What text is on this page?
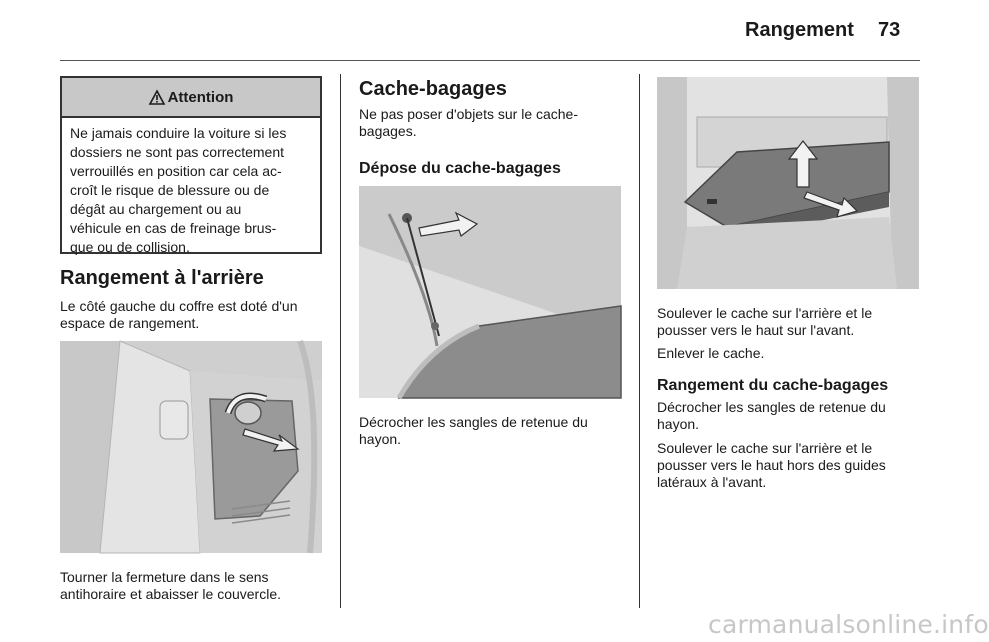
Rangement 73
Attention
Ne jamais conduire la voiture si les
dossiers ne sont pas correctement
verrouillés en position car cela ac-
croît le risque de blessure ou de
dégât au chargement ou au
véhicule en cas de freinage brus-
que ou de collision.
Rangement à l'arrière
Le côté gauche du coffre est doté d'un
espace de rangement.
Tourner la fermeture dans le sens
antihoraire et abaisser le couvercle.
Cache-bagages
Ne pas poser d'objets sur le cache-
bagages.
Dépose du cache-bagages
Décrocher les sangles de retenue du
hayon.
Soulever le cache sur l'arrière et le
pousser vers le haut sur l'avant.
Enlever le cache.
Rangement du cache-bagages
Décrocher les sangles de retenue du
hayon.
Soulever le cache sur l'arrière et le
pousser vers le haut hors des guides
latéraux à l'avant.
carmanualsonline.info
